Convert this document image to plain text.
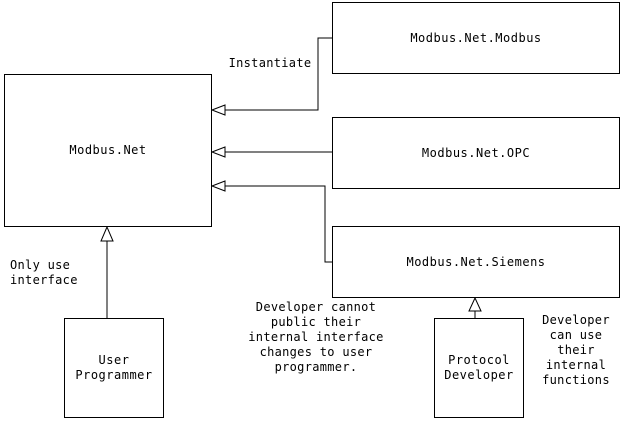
Modbus.Net
Modbus.Net.Modbus
Modbus.Net.OPC
Modbus.Net.Siemens
User Programmer
Protocol Developer
Instantiate
Only use interface
Developer cannot public their internal interface changes to user programmer.
Developer can use their internal functions
